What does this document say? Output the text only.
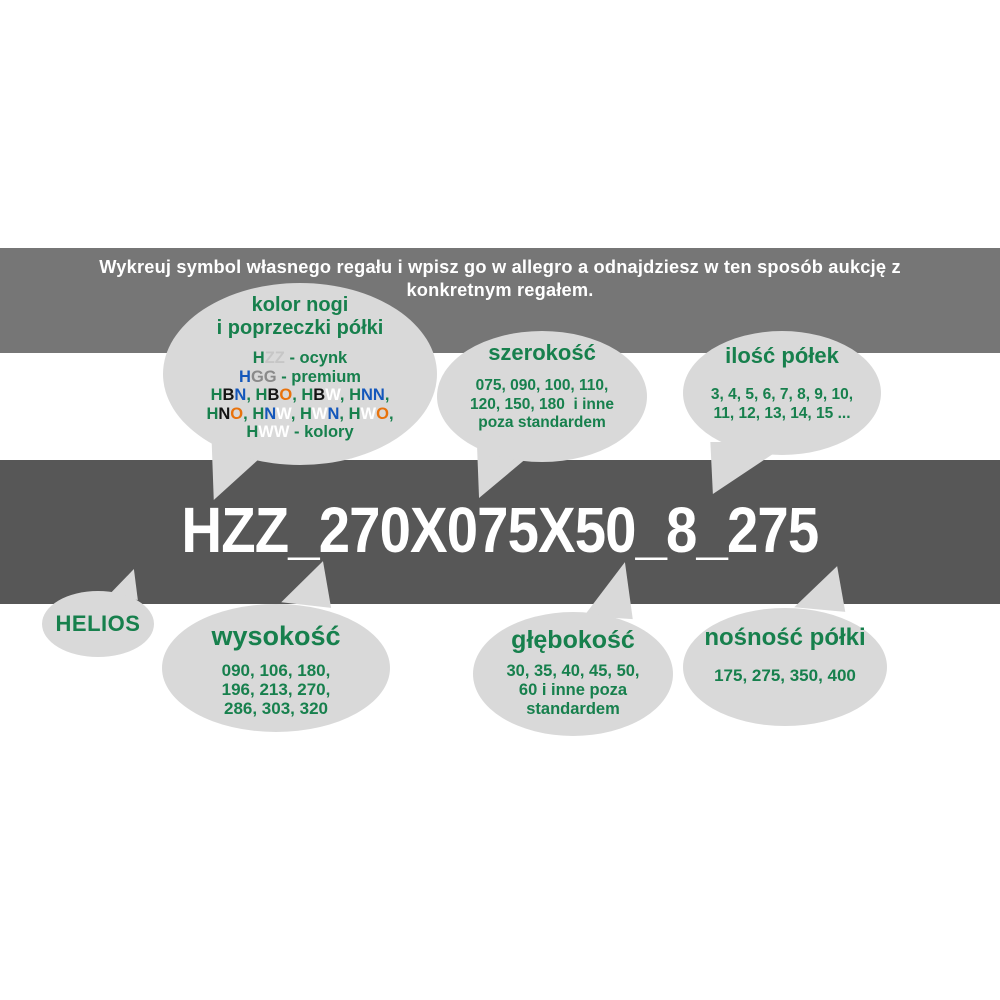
Wykreuj symbol własnego regału i wpisz go w allegro a odnajdziesz w ten sposób aukcję z
konkretnym regałem.
HZZ_270X075X50_8_275
kolor nogi
i poprzeczki półki
HZZ - ocynk
HGG - premium
HBN, HBO, HBW, HNN,
HNO, HNW, HWN, HWO,
HWW - kolory
szerokość
075, 090, 100, 110,
120, 150, 180  i inne
poza standardem
ilość półek
3, 4, 5, 6, 7, 8, 9, 10,
11, 12, 13, 14, 15 ...
HELIOS	wysokość
090, 106, 180,
196, 213, 270,
286, 303, 320
głębokość
30, 35, 40, 45, 50,
60 i inne poza
standardem
nośność półki
175, 275, 350, 400
